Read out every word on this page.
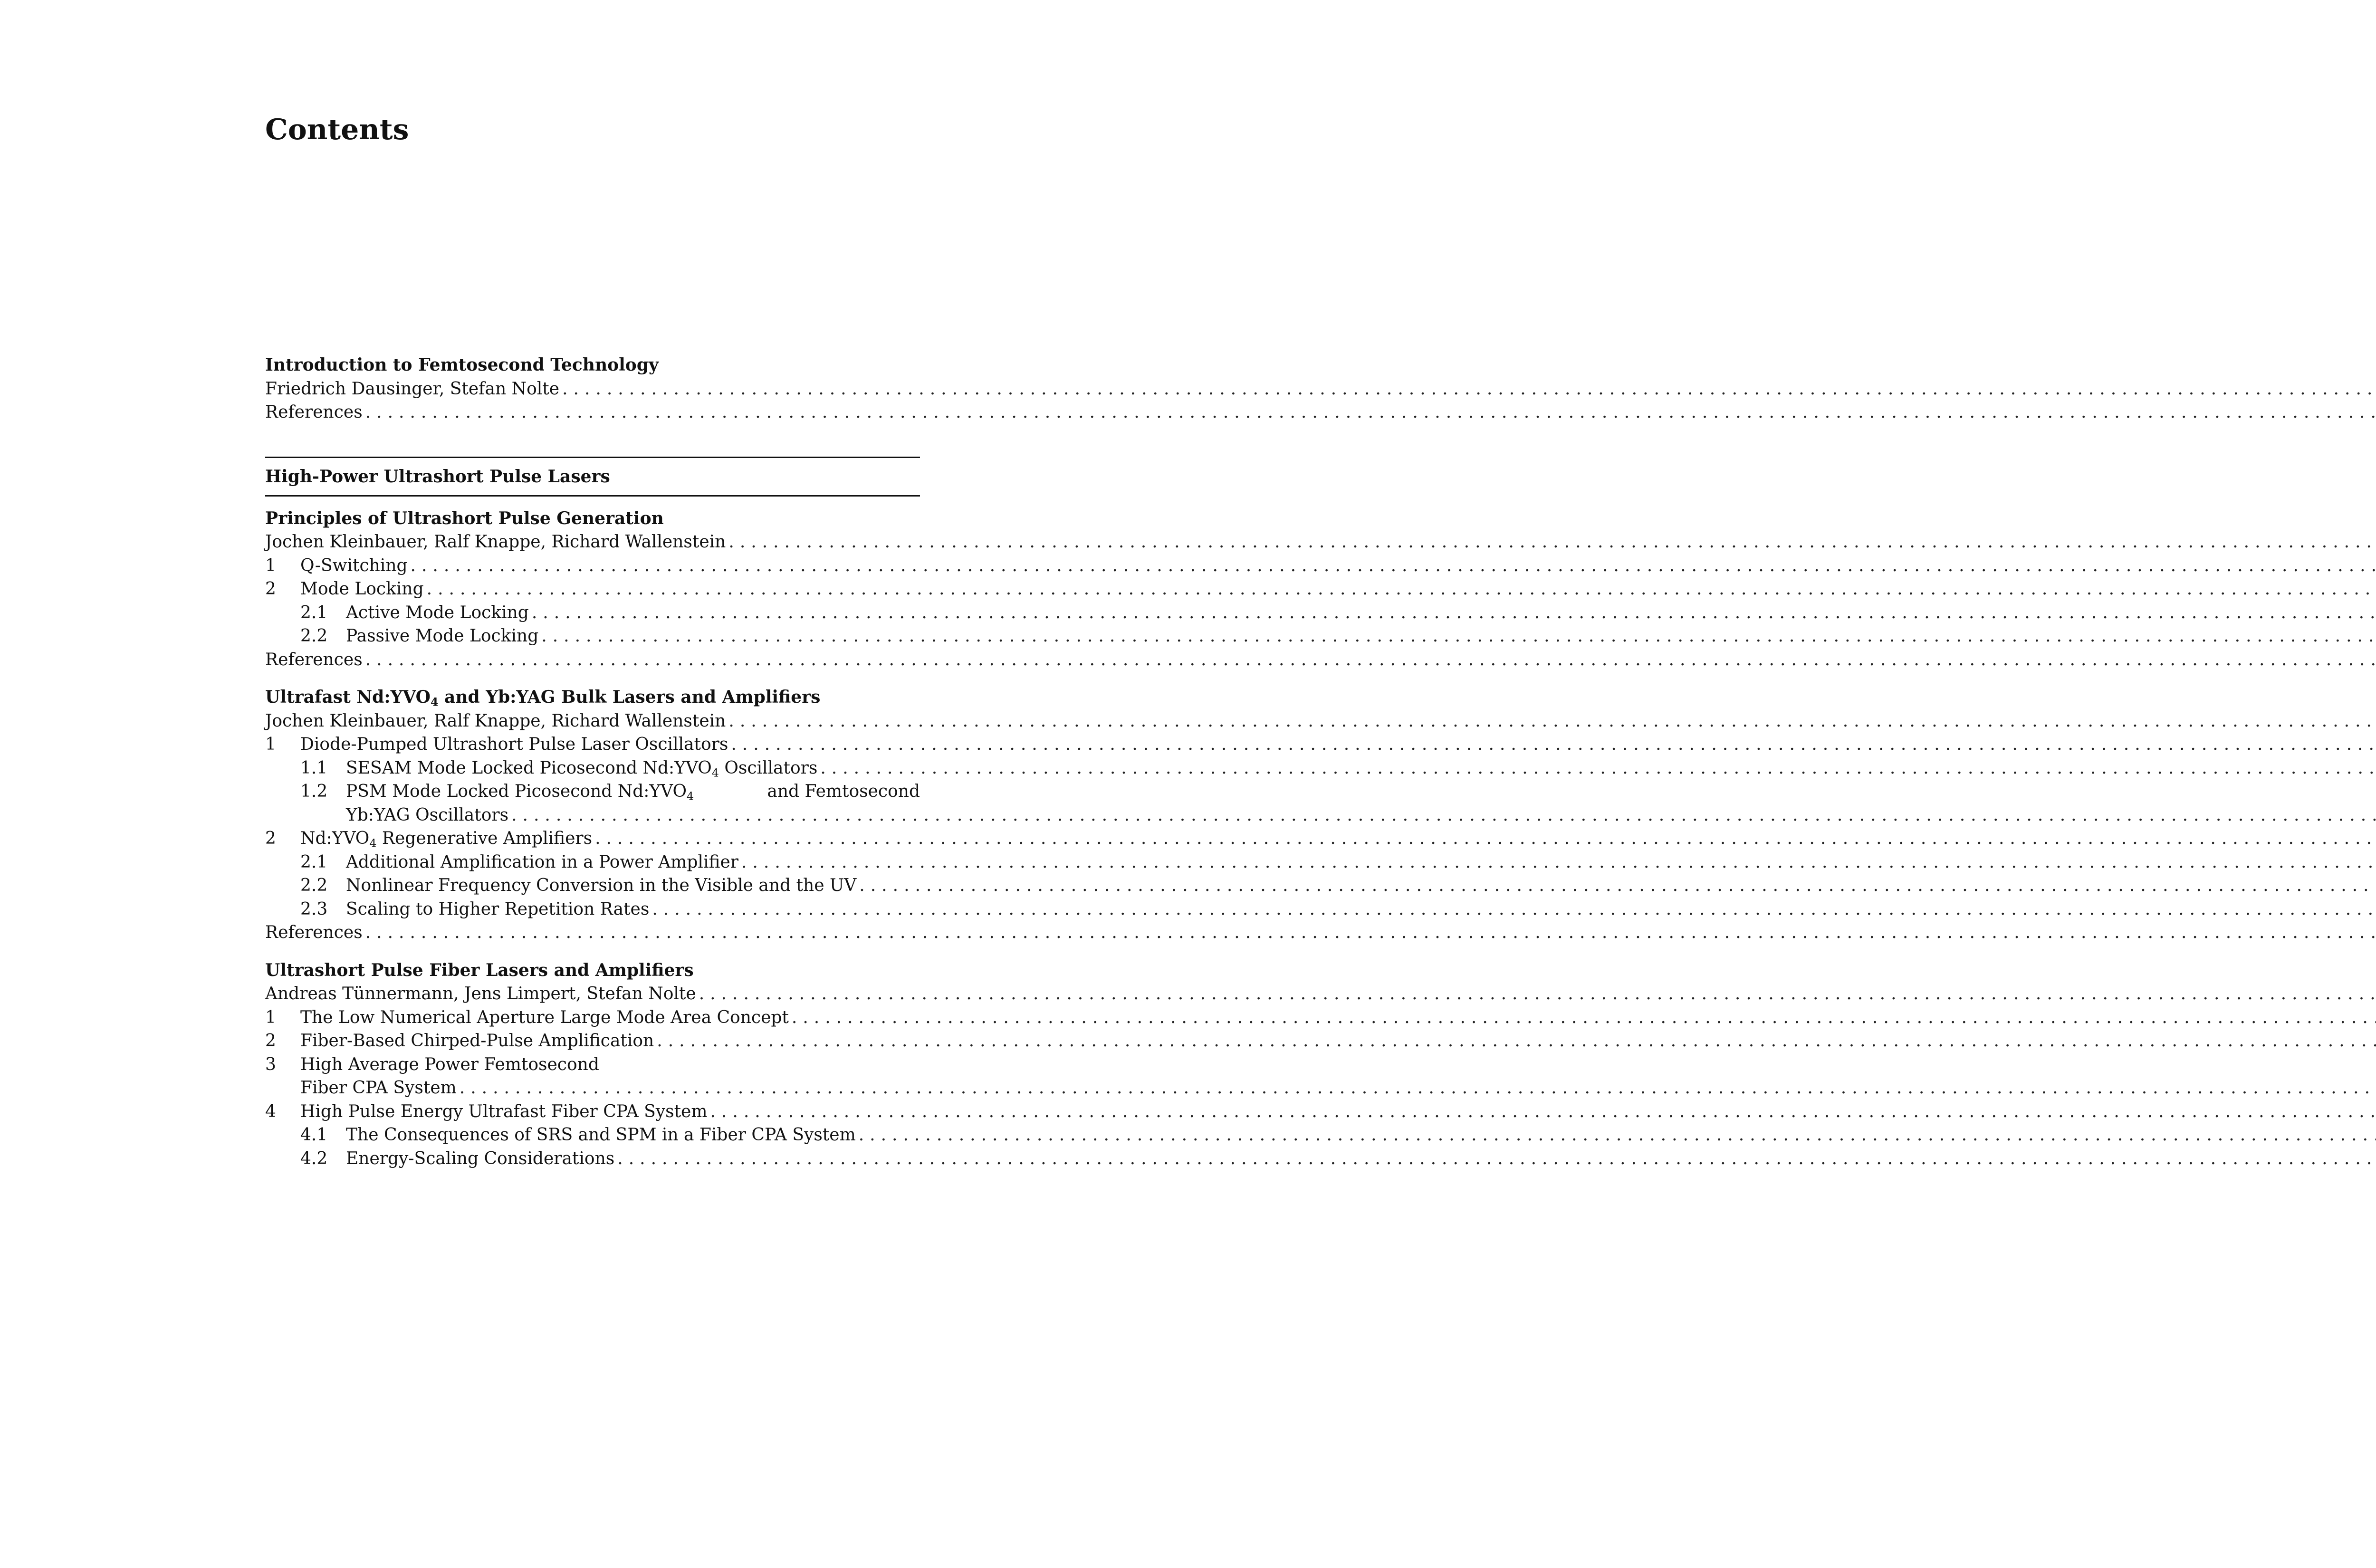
Contents
Introduction to Femtosecond Technology
Friedrich Dausinger, Stefan Nolte
.....
References
.....
High-Power Ultrashort Pulse Lasers
Principles of Ultrashort Pulse Generation
Jochen Kleinbauer, Ralf Knappe, Richard Wallenstein
.....
1	Q-Switching
.....
2	Mode Locking
.....
2.1	Active Mode Locking
.....
2.2	Passive Mode Locking
.....
References
.....
Ultrafast $Nd:YVO_4$ and Yb:YAG Bulk Lasers and Amplifiers
Jochen Kleinbauer, Ralf Knappe, Richard Wallenstein
.....
1	Diode-Pumped Ultrashort Pulse Laser Oscillators
.....
1.1	SESAM Mode Locked Picosecond $Nd:YVO_4$ Oscillators
.....
1.2	PSM Mode Locked Picosecond $Nd:YVO_4$	and Femtosecond
Yb:YAG Oscillators
.....
2	$Nd:YVO_4$ Regenerative Amplifiers
.....
2.1	Additional Amplification in a Power Amplifier
.....
2.2	Nonlinear Frequency Conversion in the Visible and the UV
.....
2.3	Scaling to Higher Repetition Rates
.....
References
.....
Ultrashort Pulse Fiber Lasers and Amplifiers
Andreas Tünnermann, Jens Limpert, Stefan Nolte
.....
1	The Low Numerical Aperture Large Mode Area Concept
.....
2	Fiber-Based Chirped-Pulse Amplification
.....
3	High Average Power Femtosecond
Fiber CPA System
.....
4	High Pulse Energy Ultrafast Fiber CPA System
.....
4.1	The Consequences of SRS and SPM in a Fiber CPA System
.....
4.2	Energy-Scaling Considerations
.....
